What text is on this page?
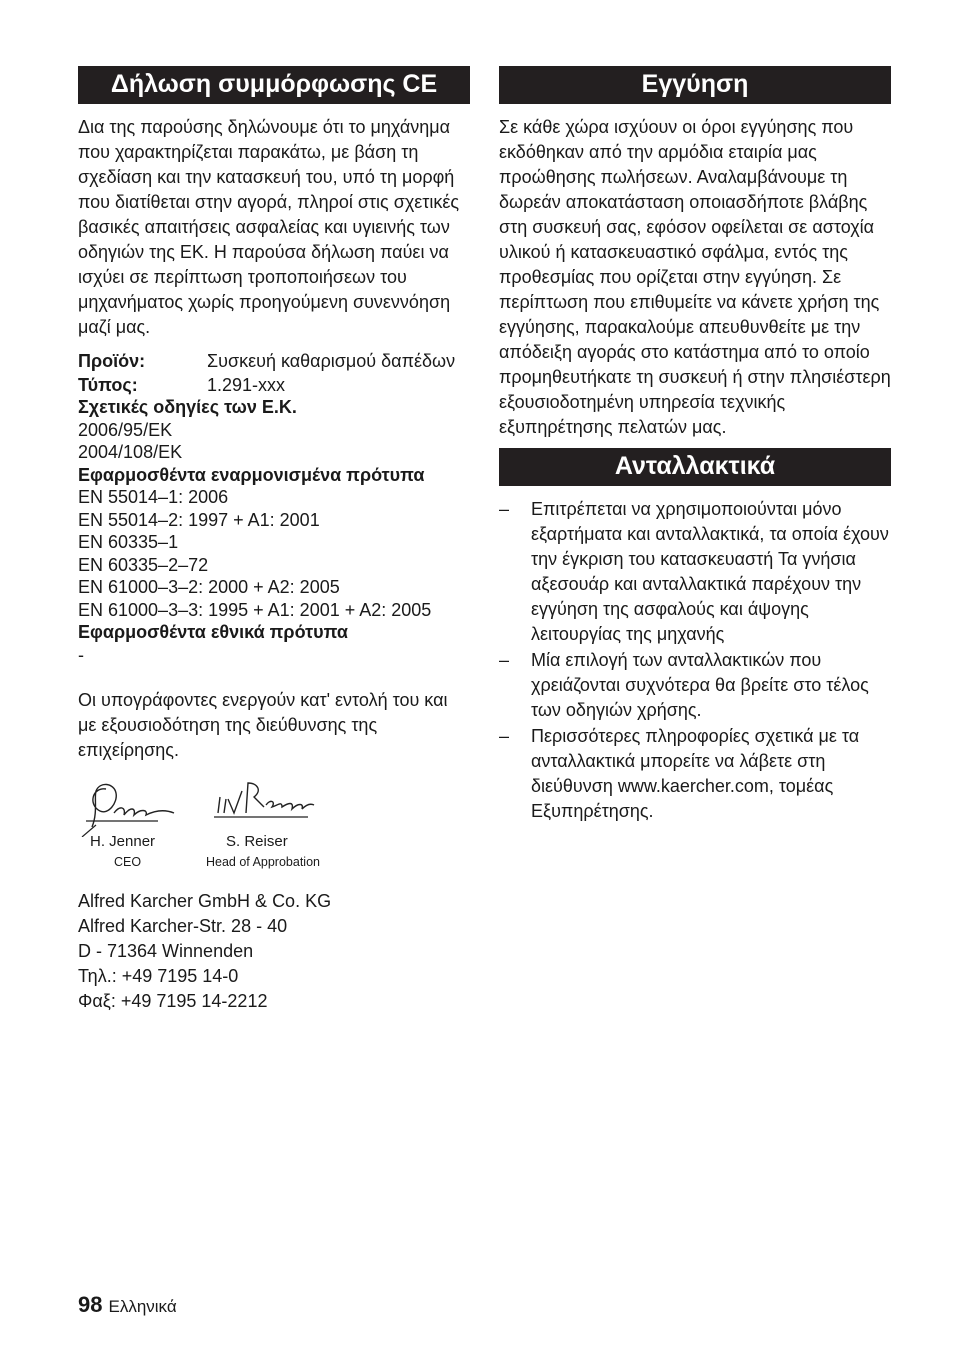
Δήλωση συμμόρφωσης CE

Δια της παρούσης δηλώνουμε ότι το μηχάνημα που χαρακτηρίζεται παρακάτω, με βάση τη σχεδίαση και την κατασκευή του, υπό τη μορφή που διατίθεται στην αγορά, πληροί στις σχετικές βασικές απαιτήσεις ασφαλείας και υγιεινής των οδηγιών της ΕΚ. Η παρούσα δήλωση παύει να ισχύει σε περίπτωση τροποποιήσεων του μηχανήματος χωρίς προηγούμενη συνεννόηση μαζί μας.

Προϊόν:	Συσκευή καθαρισμού δαπέδων
Τύπος:	1.291-xxx
Σχετικές οδηγίες των Ε.Κ.
2006/95/EK
2004/108/EK
Εφαρμοσθέντα εναρμονισμένα πρότυπα
EN 55014–1: 2006
EN 55014–2: 1997 + A1: 2001
EN 60335–1
EN 60335–2–72
EN 61000–3–2: 2000 + A2: 2005
EN 61000–3–3: 1995 + A1: 2001 + A2: 2005
Εφαρμοσθέντα εθνικά πρότυπα
-

Οι υπογράφοντες ενεργούν κατ' εντολή του και με εξουσιοδότηση της διεύθυνσης της επιχείρησης.

H. Jenner
CEO
S. Reiser
Head of Approbation
Alfred Karcher GmbH & Co. KG
Alfred Karcher-Str. 28 - 40
D - 71364 Winnenden
Τηλ.: +49 7195 14-0
Φαξ: +49 7195 14-2212
Εγγύηση

Σε κάθε χώρα ισχύουν οι όροι εγγύησης που εκδόθηκαν από την αρμόδια εταιρία μας προώθησης πωλήσεων. Αναλαμβάνουμε τη δωρεάν αποκατάσταση οποιασδήποτε βλάβης στη συσκευή σας, εφόσον οφείλεται σε αστοχία υλικού ή κατασκευαστικό σφάλμα, εντός της προθεσμίας που ορίζεται στην εγγύηση. Σε περίπτωση που επιθυμείτε να κάνετε χρήση της εγγύησης, παρακαλούμε απευθυνθείτε με την απόδειξη αγοράς στο κατάστημα από το οποίο προμηθευτήκατε τη συσκευή ή στην πλησιέστερη εξουσιοδοτημένη υπηρεσία τεχνικής εξυπηρέτησης πελατών μας.

Ανταλλακτικά
–	Επιτρέπεται να χρησιμοποιούνται μόνο εξαρτήματα και ανταλλακτικά, τα οποία έχουν την έγκριση του κατασκευαστή Τα γνήσια αξεσουάρ και ανταλλακτικά παρέχουν την εγγύηση της ασφαλούς και άψογης λειτουργίας της μηχανής
–	Μία επιλογή των ανταλλακτικών που χρειάζονται συχνότερα θα βρείτε στο τέλος των οδηγιών χρήσης.
–	Περισσότερες πληροφορίες σχετικά με τα ανταλλακτικά μπορείτε να λάβετε στη διεύθυνση www.kaercher.com, τομέας Εξυπηρέτησης.
98 Ελληνικά
